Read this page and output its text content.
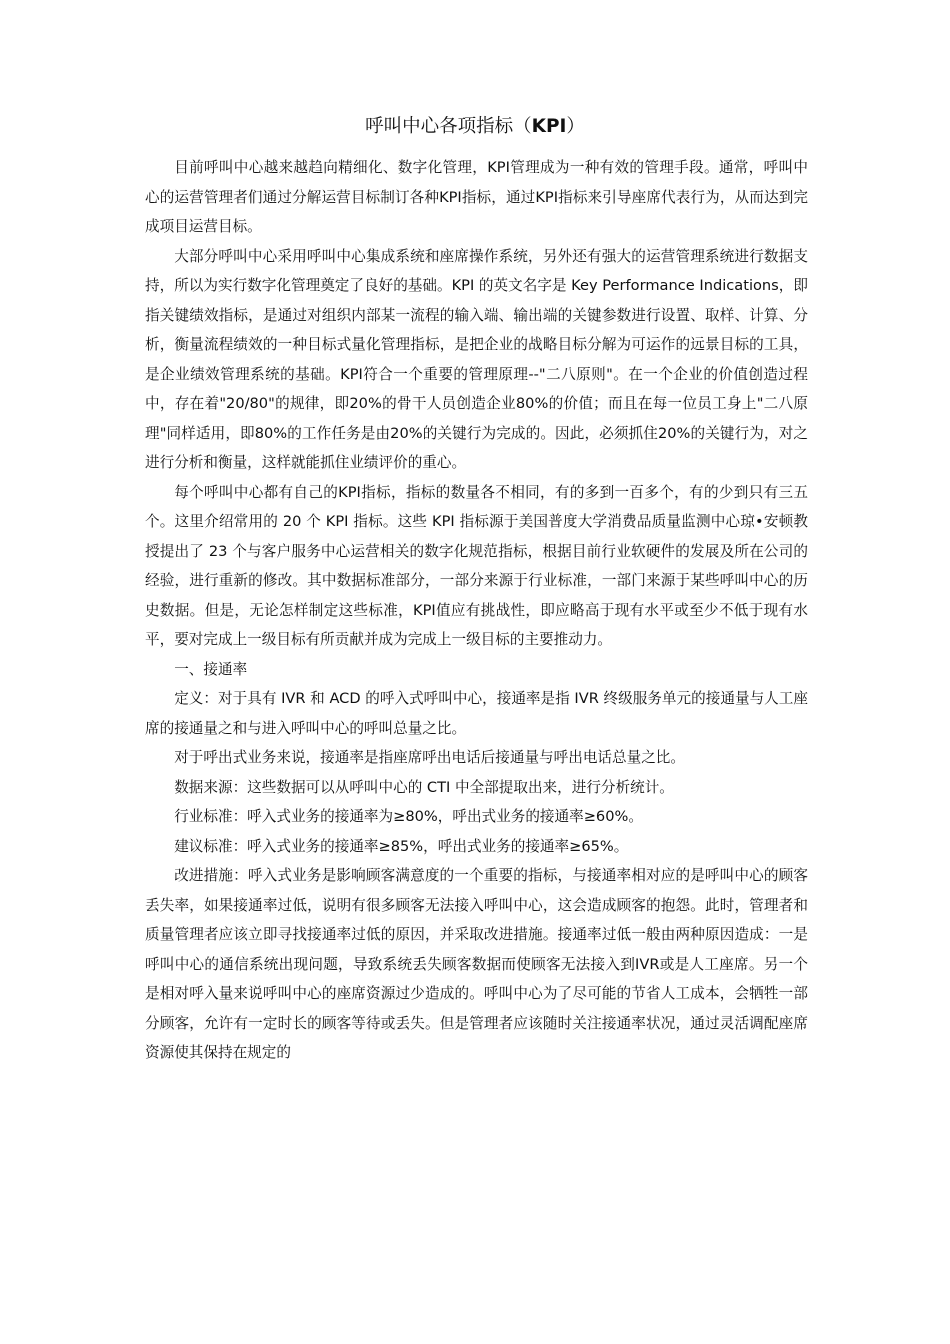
呼叫中心各项指标（KPI）

目前呼叫中心越来越趋向精细化、数字化管理，KPI管理成为一种有效的管理手段。通常，呼叫中心的运营管理者们通过分解运营目标制订各种KPI指标，通过KPI指标来引导座席代表行为，从而达到完成项目运营目标。

大部分呼叫中心采用呼叫中心集成系统和座席操作系统，另外还有强大的运营管理系统进行数据支持，所以为实行数字化管理奠定了良好的基础。KPI 的英文名字是 Key Performance Indications，即指关键绩效指标，是通过对组织内部某一流程的输入端、输出端的关键参数进行设置、取样、计算、分析，衡量流程绩效的一种目标式量化管理指标，是把企业的战略目标分解为可运作的远景目标的工具，是企业绩效管理系统的基础。KPI符合一个重要的管理原理--"二八原则"。在一个企业的价值创造过程中，存在着"20/80"的规律，即20%的骨干人员创造企业80%的价值；而且在每一位员工身上"二八原理"同样适用，即80%的工作任务是由20%的关键行为完成的。因此，必须抓住20%的关键行为，对之进行分析和衡量，这样就能抓住业绩评价的重心。

每个呼叫中心都有自己的KPI指标，指标的数量各不相同，有的多到一百多个，有的少到只有三五个。这里介绍常用的 20 个 KPI 指标。这些 KPI 指标源于美国普度大学消费品质量监测中心琼•安顿教授提出了 23 个与客户服务中心运营相关的数字化规范指标，根据目前行业软硬件的发展及所在公司的经验，进行重新的修改。其中数据标准部分，一部分来源于行业标准，一部门来源于某些呼叫中心的历史数据。但是，无论怎样制定这些标准，KPI值应有挑战性，即应略高于现有水平或至少不低于现有水平，要对完成上一级目标有所贡献并成为完成上一级目标的主要推动力。

一、接通率

定义：对于具有 IVR 和 ACD 的呼入式呼叫中心，接通率是指 IVR 终级服务单元的接通量与人工座席的接通量之和与进入呼叫中心的呼叫总量之比。

对于呼出式业务来说，接通率是指座席呼出电话后接通量与呼出电话总量之比。

数据来源：这些数据可以从呼叫中心的 CTI 中全部提取出来，进行分析统计。

行业标准：呼入式业务的接通率为≥80%，呼出式业务的接通率≥60%。

建议标准：呼入式业务的接通率≥85%，呼出式业务的接通率≥65%。

改进措施：呼入式业务是影响顾客满意度的一个重要的指标，与接通率相对应的是呼叫中心的顾客丢失率，如果接通率过低，说明有很多顾客无法接入呼叫中心，这会造成顾客的抱怨。此时，管理者和质量管理者应该立即寻找接通率过低的原因，并采取改进措施。接通率过低一般由两种原因造成：一是呼叫中心的通信系统出现问题，导致系统丢失顾客数据而使顾客无法接入到IVR或是人工座席。另一个是相对呼入量来说呼叫中心的座席资源过少造成的。呼叫中心为了尽可能的节省人工成本，会牺牲一部分顾客，允许有一定时长的顾客等待或丢失。但是管理者应该随时关注接通率状况，通过灵活调配座席资源使其保持在规定的
